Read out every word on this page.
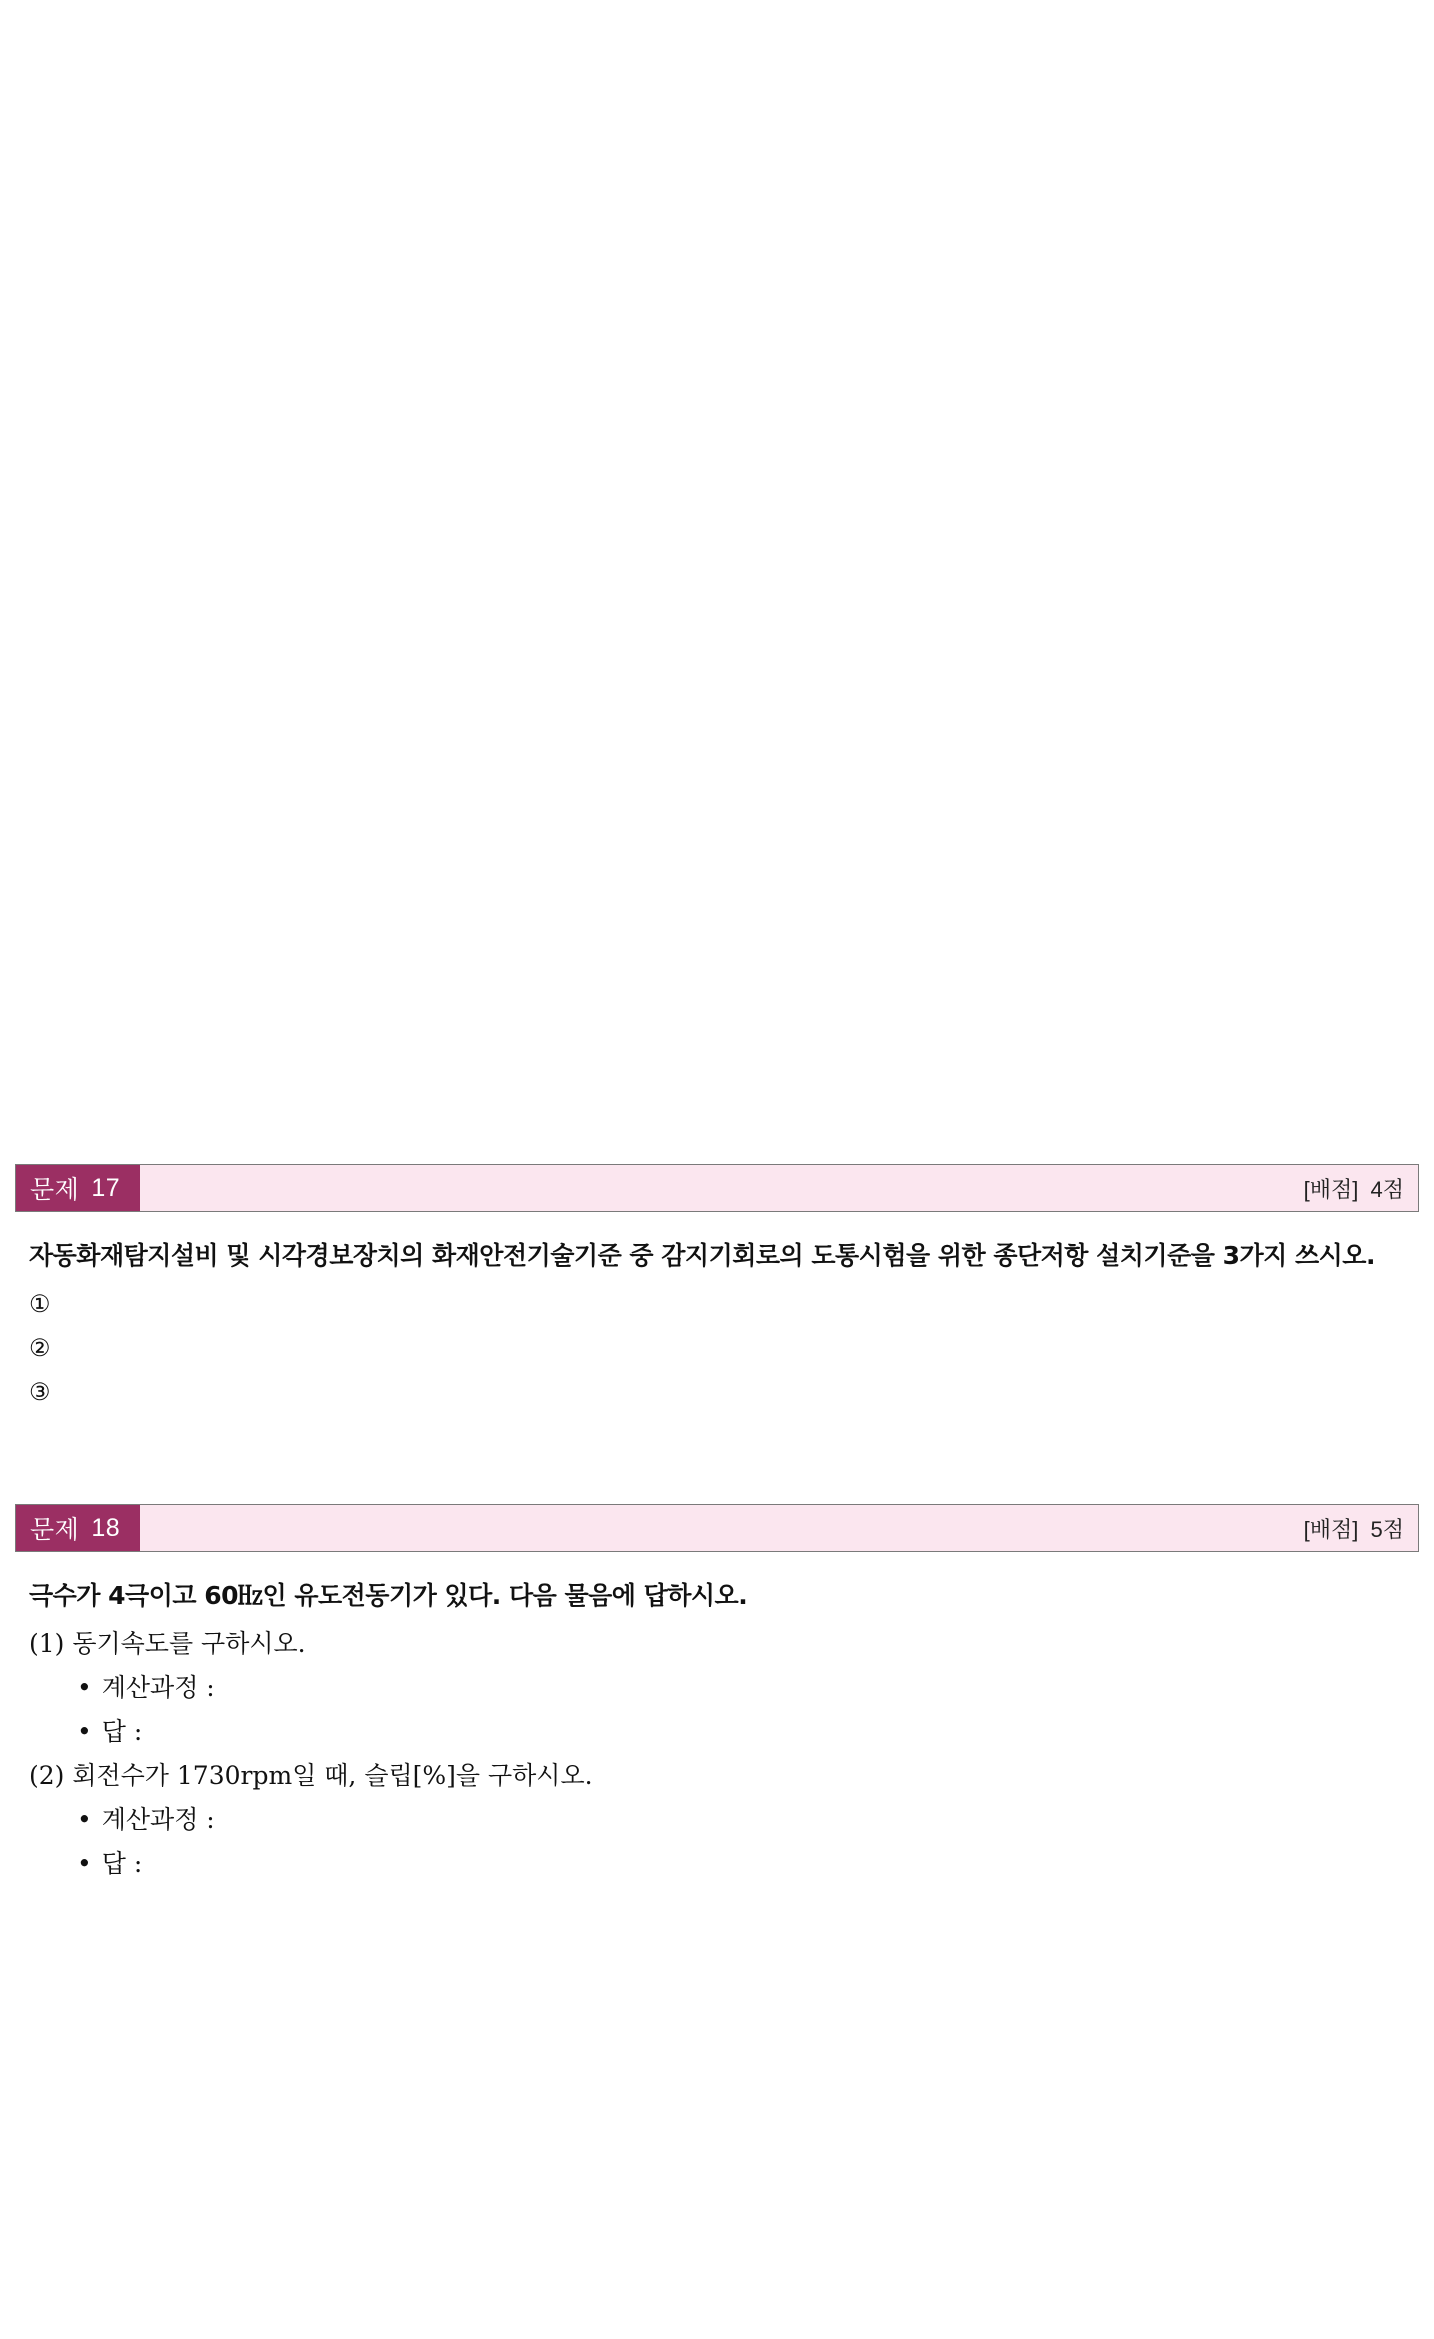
문제 17	[배점] 4점
자동화재탐지설비 및 시각경보장치의 화재안전기술기준 중 감지기회로의 도통시험을 위한 종단저항 설치기준을 3가지 쓰시오.
①
②
③
문제 18	[배점] 5점
극수가 4극이고 60㎐인 유도전동기가 있다. 다음 물음에 답하시오.
(1) 동기속도를 구하시오.
• 계산과정 :
• 답 :
(2) 회전수가 1730rpm일 때, 슬립[%]을 구하시오.
• 계산과정 :
• 답 :
